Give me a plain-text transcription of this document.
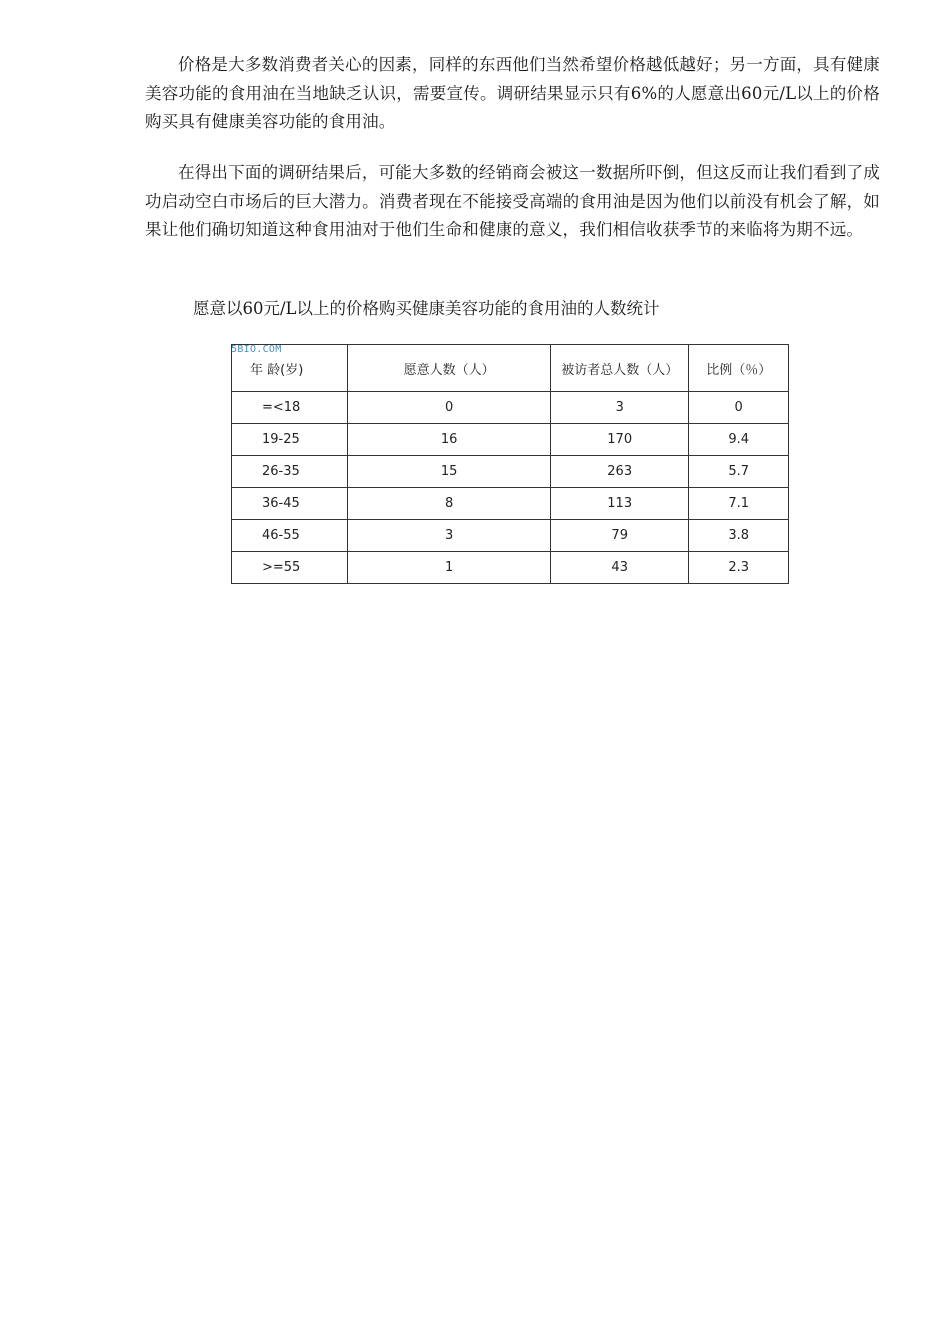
价格是大多数消费者关心的因素，同样的东西他们当然希望价格越低越好；另一方面，具有健康美容功能的食用油在当地缺乏认识，需要宣传。调研结果显示只有6%的人愿意出60元/L以上的价格购买具有健康美容功能的食用油。

在得出下面的调研结果后，可能大多数的经销商会被这一数据所吓倒，但这反而让我们看到了成功启动空白市场后的巨大潜力。消费者现在不能接受高端的食用油是因为他们以前没有机会了解，如果让他们确切知道这种食用油对于他们生命和健康的意义，我们相信收获季节的来临将为期不远。

愿意以60元/L以上的价格购买健康美容功能的食用油的人数统计

年 龄(岁)	愿意人数（人）	被访者总人数（人）	比例（％）
=<18	0	3	0
19-25	16	170	9.4
26-35	15	263	5.7
36-45	8	113	7.1
46-55	3	79	3.8
>=55	1	43	2.3
5BIO.COM
